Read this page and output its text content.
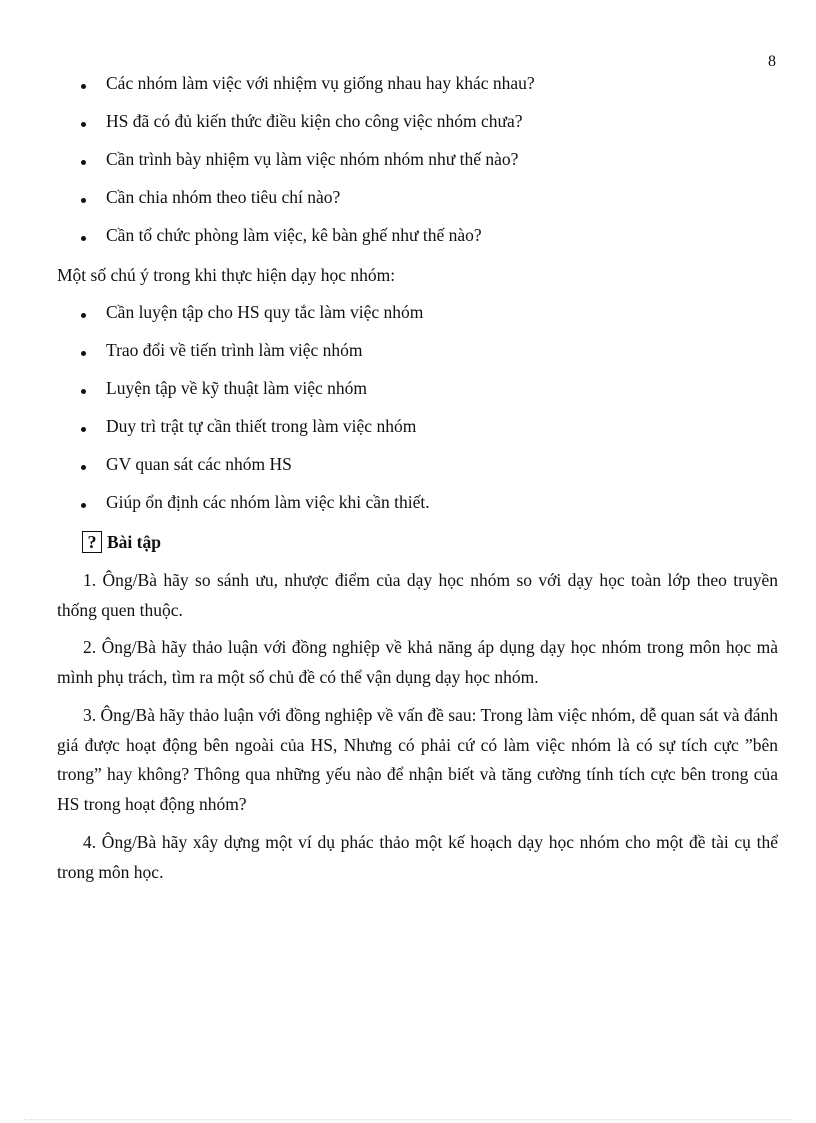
8
Các nhóm làm việc với nhiệm vụ giống nhau hay khác nhau?
HS đã có đủ kiến thức điều kiện cho công việc nhóm chưa?
Cần trình bày nhiệm vụ làm việc nhóm nhóm như thế nào?
Cần chia nhóm theo tiêu chí nào?
Cần tổ chức phòng làm việc, kê bàn ghế như thế nào?
Một số chú ý trong khi thực hiện dạy học nhóm:
Cần luyện tập cho HS quy tắc làm việc nhóm
Trao đổi về tiến trình làm việc nhóm
Luyện tập về kỹ thuật làm việc nhóm
Duy trì trật tự cần thiết trong làm việc nhóm
GV quan sát các nhóm HS
Giúp ổn định các nhóm làm việc khi cần thiết.
? Bài tập

1. Ông/Bà hãy so sánh ưu, nhược điểm của dạy học nhóm so với dạy học toàn lớp theo truyền thống quen thuộc.

2. Ông/Bà hãy thảo luận với đồng nghiệp về khả năng áp dụng dạy học nhóm trong môn học mà mình phụ trách, tìm ra một số chủ đề có thể vận dụng dạy học nhóm.

3. Ông/Bà hãy thảo luận với đồng nghiệp về vấn đề sau: Trong làm việc nhóm, dễ quan sát và đánh giá được hoạt động bên ngoài của HS, Nhưng có phải cứ có làm việc nhóm là có sự tích cực ”bên trong” hay không? Thông qua những yếu nào để nhận biết và tăng cường tính tích cực bên trong của HS trong hoạt động nhóm?

4. Ông/Bà hãy xây dựng một ví dụ phác thảo một kế hoạch dạy học nhóm cho một đề tài cụ thể trong môn học.
